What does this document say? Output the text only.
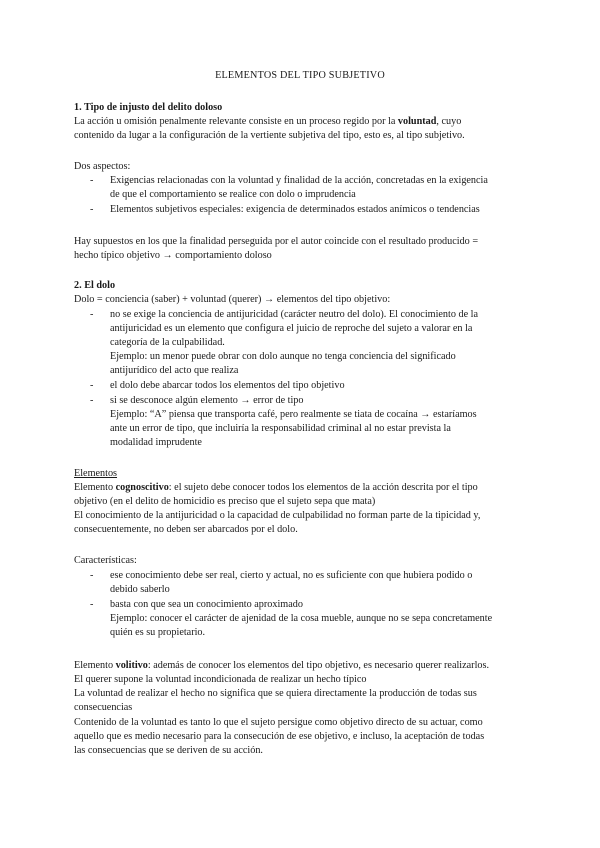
ELEMENTOS DEL TIPO SUBJETIVO
1. Tipo de injusto del delito doloso
La acción u omisión penalmente relevante consiste en un proceso regido por la voluntad, cuyo
contenido da lugar a la configuración de la vertiente subjetiva del tipo, esto es, al tipo subjetivo.
Dos aspectos:
- Exigencias relacionadas con la voluntad y finalidad de la acción, concretadas en la exigencia
de que el comportamiento se realice con dolo o imprudencia
- Elementos subjetivos especiales: exigencia de determinados estados anímicos o tendencias
Hay supuestos en los que la finalidad perseguida por el autor coincide con el resultado producido =
hecho típico objetivo → comportamiento doloso
2. El dolo
Dolo = conciencia (saber) + voluntad (querer) → elementos del tipo objetivo:
- no se exige la conciencia de antijuricidad (carácter neutro del dolo). El conocimiento de la
antijuricidad es un elemento que configura el juicio de reproche del sujeto a valorar en la
categoría de la culpabilidad.
Ejemplo: un menor puede obrar con dolo aunque no tenga conciencia del significado
antijurídico del acto que realiza
- el dolo debe abarcar todos los elementos del tipo objetivo
- si se desconoce algún elemento → error de tipo
Ejemplo: “A” piensa que transporta café, pero realmente se tiata de cocaína → estaríamos
ante un error de tipo, que incluiría la responsabilidad criminal al no estar prevista la
modalidad imprudente
Elementos
Elemento cognoscitivo: el sujeto debe conocer todos los elementos de la acción descrita por el tipo
objetivo (en el delito de homicidio es preciso que el sujeto sepa que mata)
El conocimiento de la antijuricidad o la capacidad de culpabilidad no forman parte de la tipicidad y,
consecuentemente, no deben ser abarcados por el dolo.
Características:
- ese conocimiento debe ser real, cierto y actual, no es suficiente con que hubiera podido o
debido saberlo
- basta con que sea un conocimiento aproximado
Ejemplo: conocer el carácter de ajenidad de la cosa mueble, aunque no se sepa concretamente
quién es su propietario.
Elemento volitivo: además de conocer los elementos del tipo objetivo, es necesario querer realizarlos.
El querer supone la voluntad incondicionada de realizar un hecho típico
La voluntad de realizar el hecho no significa que se quiera directamente la producción de todas sus
consecuencias
Contenido de la voluntad es tanto lo que el sujeto persigue como objetivo directo de su actuar, como
aquello que es medio necesario para la consecución de ese objetivo, e incluso, la aceptación de todas
las consecuencias que se deriven de su acción.
